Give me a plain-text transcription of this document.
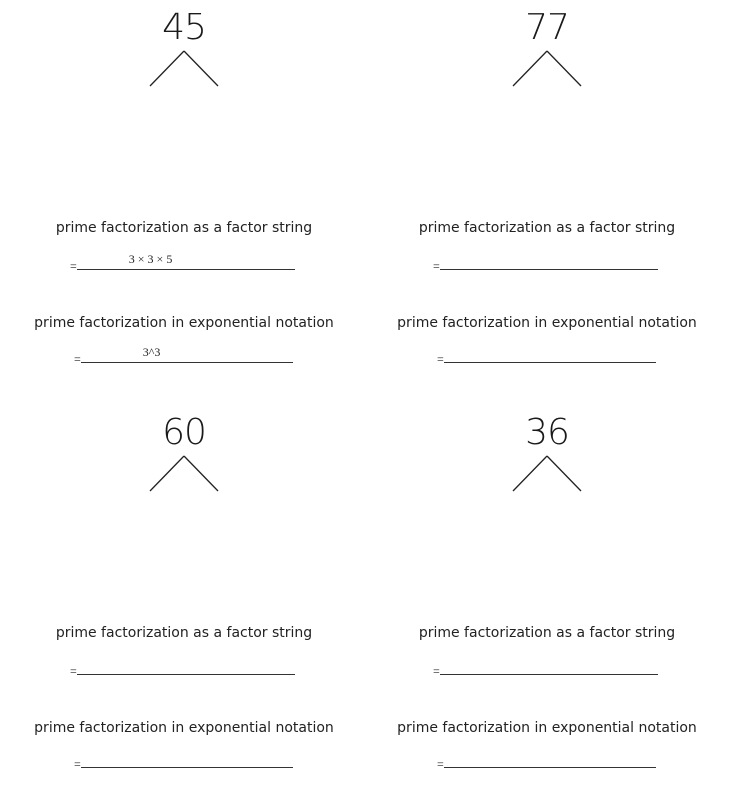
45
prime factorization as a factor string
=	3 × 3 × 5
prime factorization in exponential notation
=	3^3
77
prime factorization as a factor string
=
prime factorization in exponential notation
=
60
prime factorization as a factor string
=
prime factorization in exponential notation
=
36
prime factorization as a factor string
=
prime factorization in exponential notation
=
